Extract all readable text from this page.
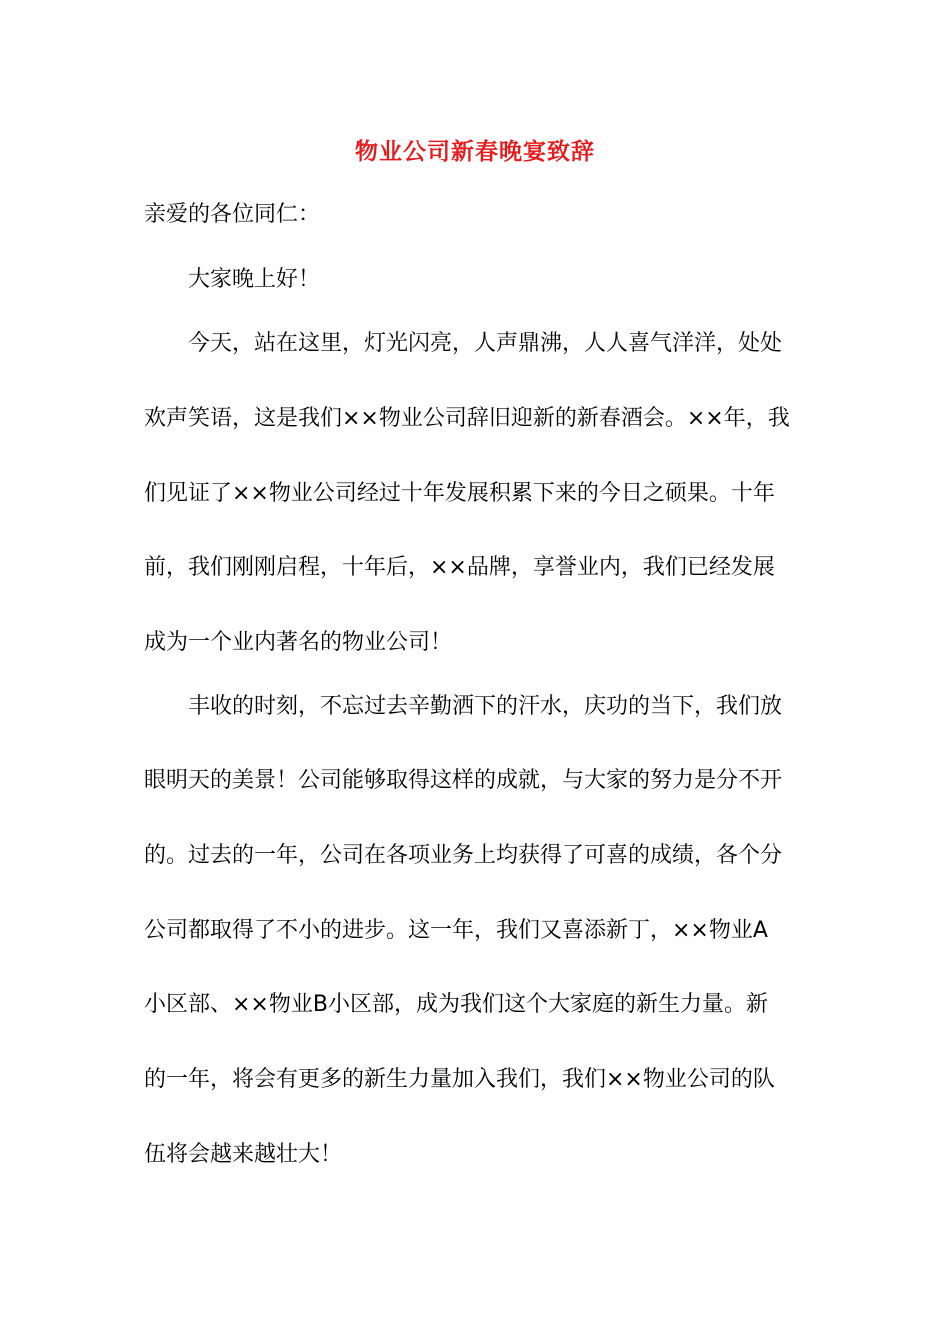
物业公司新春晚宴致辞
亲爱的各位同仁：
大家晚上好！
今天，站在这里，灯光闪亮，人声鼎沸，人人喜气洋洋，处处
欢声笑语，这是我们××物业公司辞旧迎新的新春酒会。××年，我
们见证了××物业公司经过十年发展积累下来的今日之硕果。十年
前，我们刚刚启程，十年后，××品牌，享誉业内，我们已经发展
成为一个业内著名的物业公司！
丰收的时刻，不忘过去辛勤洒下的汗水，庆功的当下，我们放
眼明天的美景！公司能够取得这样的成就，与大家的努力是分不开
的。过去的一年，公司在各项业务上均获得了可喜的成绩，各个分
公司都取得了不小的进步。这一年，我们又喜添新丁，××物业A
小区部、××物业B小区部，成为我们这个大家庭的新生力量。新
的一年，将会有更多的新生力量加入我们，我们××物业公司的队
伍将会越来越壮大！
